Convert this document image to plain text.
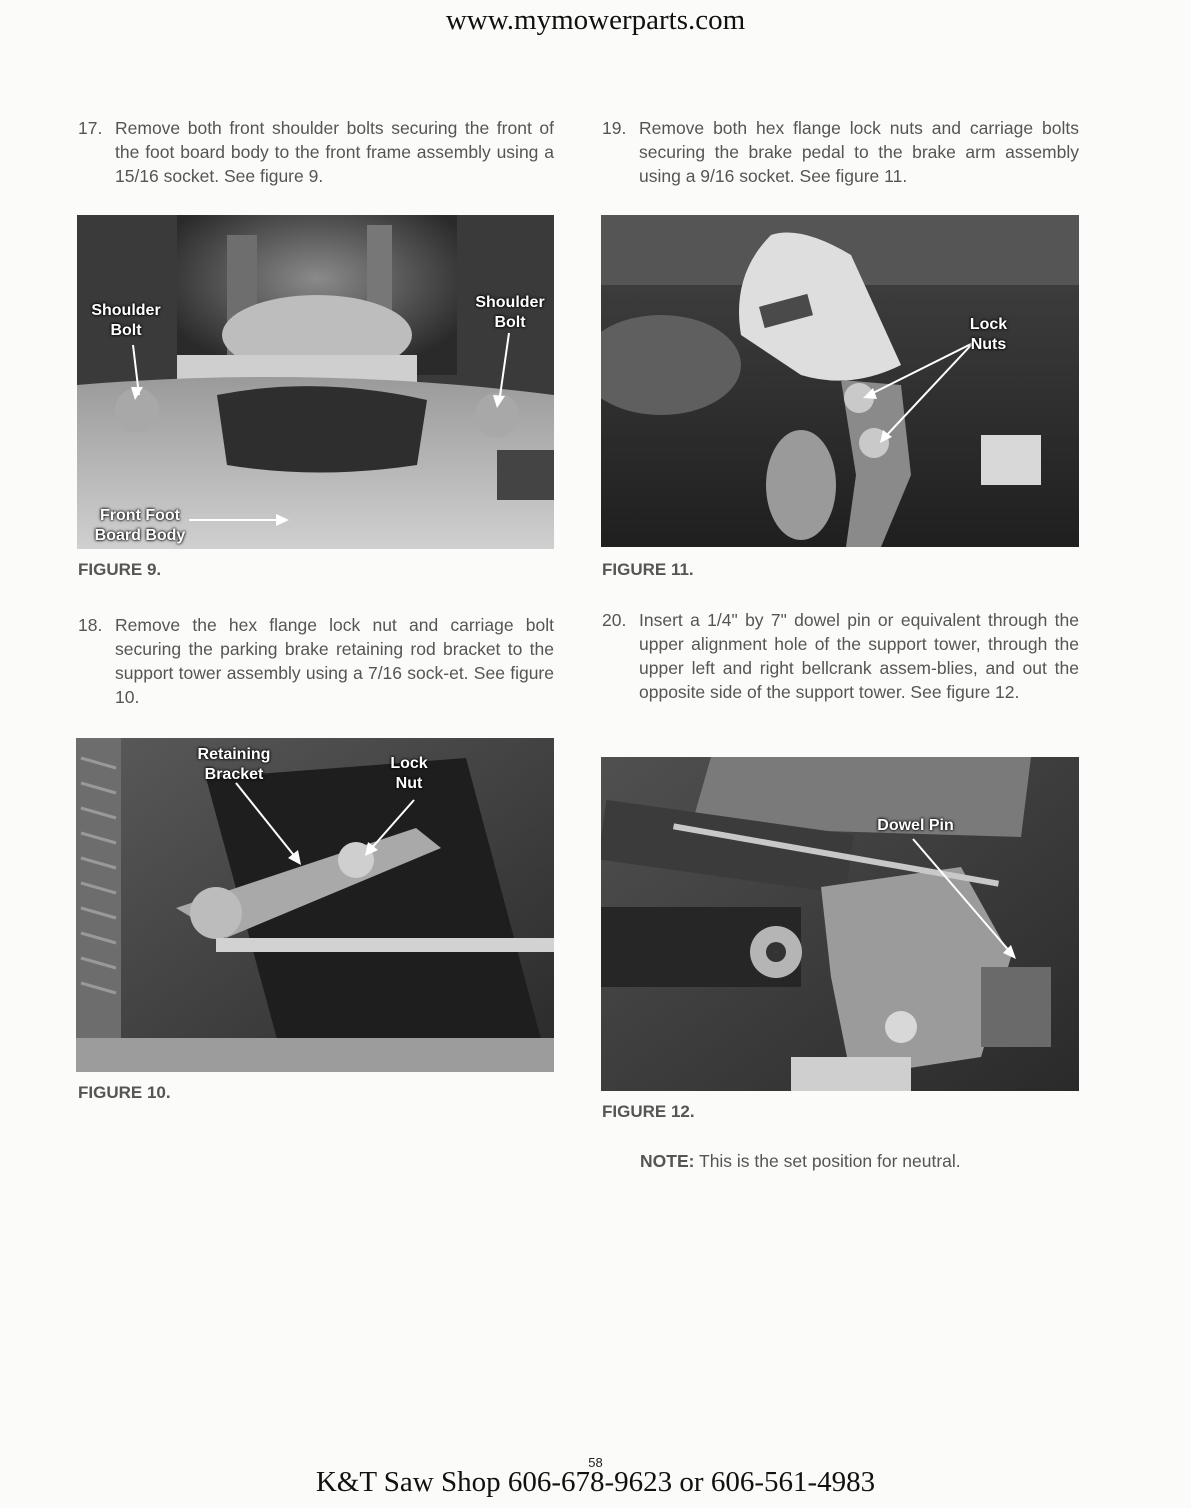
www.mymowerparts.com
17. Remove both front shoulder bolts securing the front of the foot board body to the front frame assembly using a 15/16 socket. See figure 9.
Shoulder
Bolt
Shoulder
Bolt
Front Foot
Board Body
FIGURE 9.
18. Remove the hex flange lock nut and carriage bolt securing the parking brake retaining rod bracket to the support tower assembly using a 7/16 sock-et. See figure 10.
Retaining
Bracket
Lock
Nut
FIGURE 10.
19. Remove both hex flange lock nuts and carriage bolts securing the brake pedal to the brake arm assembly using a 9/16 socket. See figure 11.
Lock
Nuts
FIGURE 11.
20. Insert a 1/4" by 7" dowel pin or equivalent through the upper alignment hole of the support tower, through the upper left and right bellcrank assem-blies, and out the opposite side of the support tower. See figure 12.
Dowel Pin
FIGURE 12.
NOTE: This is the set position for neutral.
58
K&T Saw Shop 606-678-9623 or 606-561-4983
